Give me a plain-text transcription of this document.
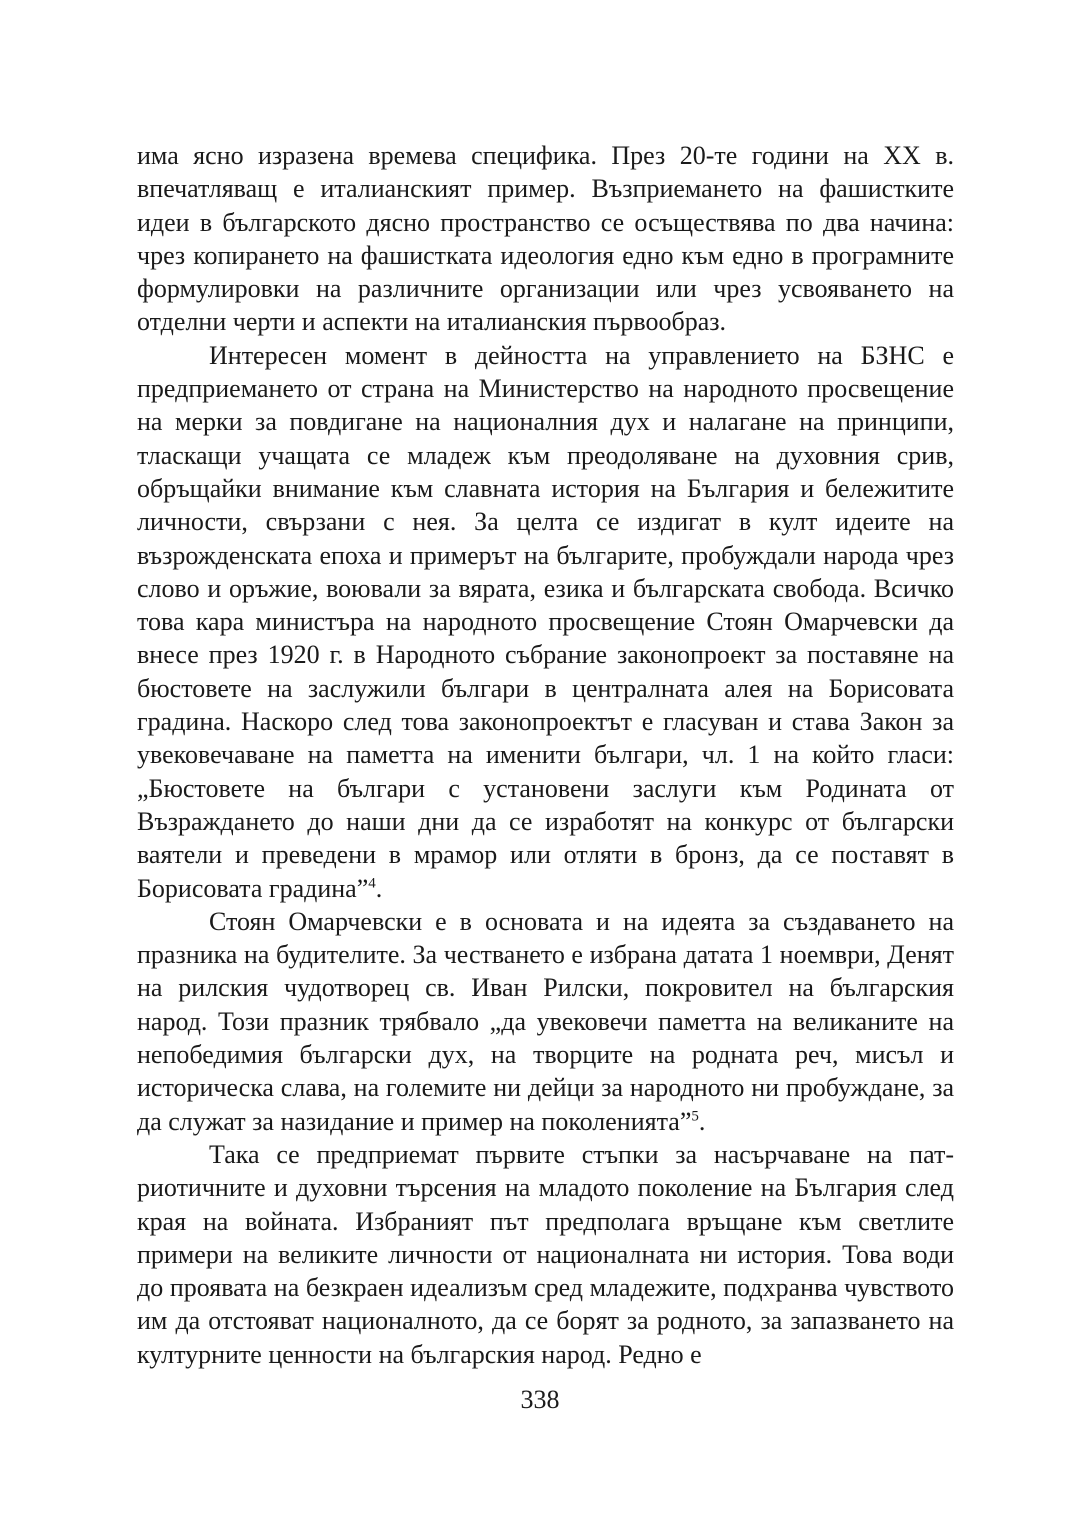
има ясно изразена времева специфика. През 20-те години на ХХ в. впечатляващ е италианският пример. Възприемането на фашистките идеи в българското дясно пространство се осъществява по два начина: чрез копирането на фашистката идеология едно към едно в програмните формулировки на различните организации или чрез усвояването на отделни черти и аспекти на италианския първообраз.

Интересен момент в дейността на управлението на БЗНС е предприемането от страна на Министерство на народното просвещение на мерки за повдигане на националния дух и налагане на принципи, тласкащи учащата се младеж към преодоляване на духовния срив, обръщайки внимание към славната история на България и бележитите личности, свързани с нея. За целта се издигат в култ идеите на възрожденската епоха и примерът на българите, пробуждали народа чрез слово и оръжие, воювали за вярата, езика и българската свобода. Всичко това кара министъра на народното просвещение Стоян Омарчевски да внесе през 1920 г. в Народното събрание законопроект за поставяне на бюстовете на заслужили българи в централната алея на Борисовата градина. Наскоро след това законопроектът е гласуван и става Закон за увековечаване на паметта на именити българи, чл. 1 на който гласи: „Бюстовете на българи с установени заслуги към Родината от Възраждането до наши дни да се изработят на конкурс от български ваятели и преведени в мрамор или отляти в бронз, да се поставят в Борисовата градина”$^4$.

Стоян Омарчевски е в основата и на идеята за създаването на празника на будителите. За честването е избрана датата 1 ноември, Денят на рилския чудотворец св. Иван Рилски, покровител на българския народ. Този празник трябвало „да увековечи паметта на великаните на непобедимия български дух, на творците на родната реч, мисъл и историческа слава, на големите ни дейци за народното ни пробуждане, за да служат за назидание и пример на поколенията”$^5$.

Така се предприемат първите стъпки за насърчаване на патриотичните и духовни търсения на младото поколение на България след края на войната. Избраният път предполага връщане към светлите примери на великите личности от националната ни история. Това води до проявата на безкраен идеализъм сред младежите, подхранва чувството им да отстояват националното, да се борят за родното, за запазването на културните ценности на българския народ. Редно е

338
